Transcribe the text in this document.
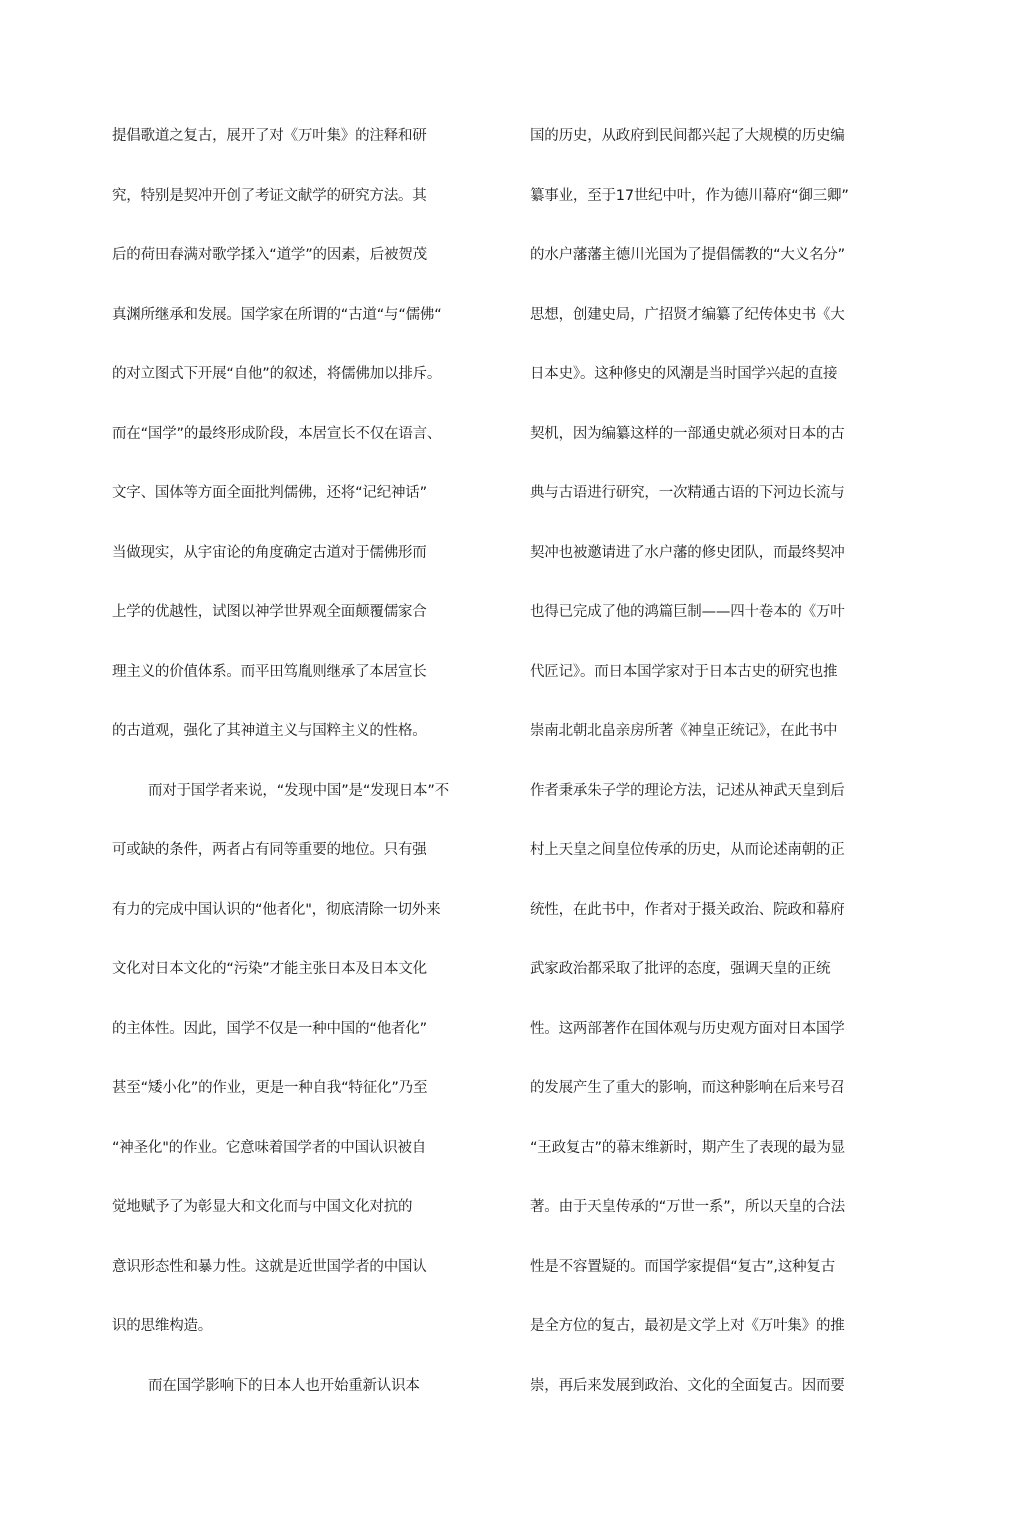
提倡歌道之复古，展开了对《万叶集》的注释和研
究，特别是契冲开创了考证文献学的研究方法。其
后的荷田春满对歌学揉入“道学”的因素，后被贺茂
真渊所继承和发展。国学家在所谓的“古道“与“儒佛“
的对立图式下开展“自他”的叙述，将儒佛加以排斥。
而在“国学”的最终形成阶段，本居宣长不仅在语言、
文字、国体等方面全面批判儒佛，还将“记纪神话”
当做现实，从宇宙论的角度确定古道对于儒佛形而
上学的优越性，试图以神学世界观全面颠覆儒家合
理主义的价值体系。而平田笃胤则继承了本居宣长
的古道观，强化了其神道主义与国粹主义的性格。
而对于国学者来说，“发现中国”是“发现日本”不
可或缺的条件，两者占有同等重要的地位。只有强
有力的完成中国认识的“他者化"，彻底清除一切外来
文化对日本文化的“污染”才能主张日本及日本文化
的主体性。因此，国学不仅是一种中国的“他者化”
甚至“矮小化”的作业，更是一种自我“特征化”乃至
“神圣化"的作业。它意味着国学者的中国认识被自
觉地赋予了为彰显大和文化而与中国文化对抗的
意识形态性和暴力性。这就是近世国学者的中国认
识的思维构造。
而在国学影响下的日本人也开始重新认识本
国的历史，从政府到民间都兴起了大规模的历史编
纂事业，至于17世纪中叶，作为德川幕府“御三卿”
的水户藩藩主德川光国为了提倡儒教的“大义名分”
思想，创建史局，广招贤才编纂了纪传体史书《大
日本史》。这种修史的风潮是当时国学兴起的直接
契机，因为编纂这样的一部通史就必须对日本的古
典与古语进行研究，一次精通古语的下河边长流与
契冲也被邀请进了水户藩的修史团队，而最终契冲
也得已完成了他的鸿篇巨制——四十卷本的《万叶
代匠记》。而日本国学家对于日本古史的研究也推
崇南北朝北畠亲房所著《神皇正统记》，在此书中
作者秉承朱子学的理论方法，记述从神武天皇到后
村上天皇之间皇位传承的历史，从而论述南朝的正
统性，在此书中，作者对于摄关政治、院政和幕府
武家政治都采取了批评的态度，强调天皇的正统
性。这两部著作在国体观与历史观方面对日本国学
的发展产生了重大的影响，而这种影响在后来号召
“王政复古”的幕末维新时，期产生了表现的最为显
著。由于天皇传承的“万世一系”，所以天皇的合法
性是不容置疑的。而国学家提倡“复古”,这种复古
是全方位的复古，最初是文学上对《万叶集》的推
崇，再后来发展到政治、文化的全面复古。因而要
